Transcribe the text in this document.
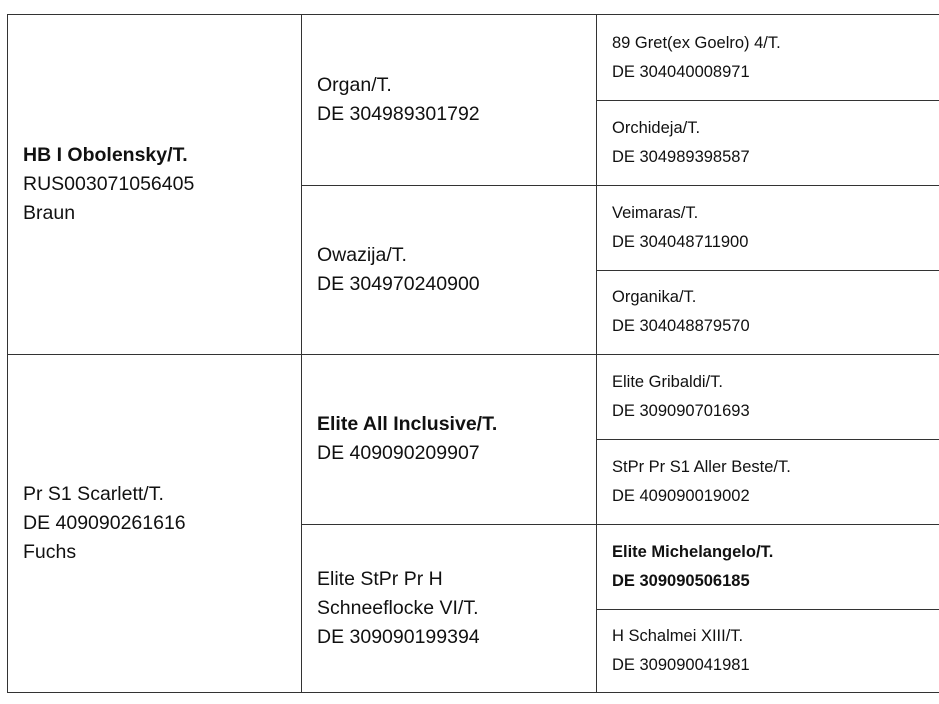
HB I Obolensky/T.
RUS003071056405
Braun
Pr S1 Scarlett/T.
DE 409090261616
Fuchs
Organ/T.
DE 304989301792
Owazija/T.
DE 304970240900
Elite All Inclusive/T.
DE 409090209907
Elite StPr Pr H
Schneeflocke VI/T.
DE 309090199394
89 Gret(ex Goelro) 4/T.
DE 304040008971
Orchideja/T.
DE 304989398587
Veimaras/T.
DE 304048711900
Organika/T.
DE 304048879570
Elite Gribaldi/T.
DE 309090701693
StPr Pr S1 Aller Beste/T.
DE 409090019002
Elite Michelangelo/T.
DE 309090506185
H Schalmei XIII/T.
DE 309090041981
